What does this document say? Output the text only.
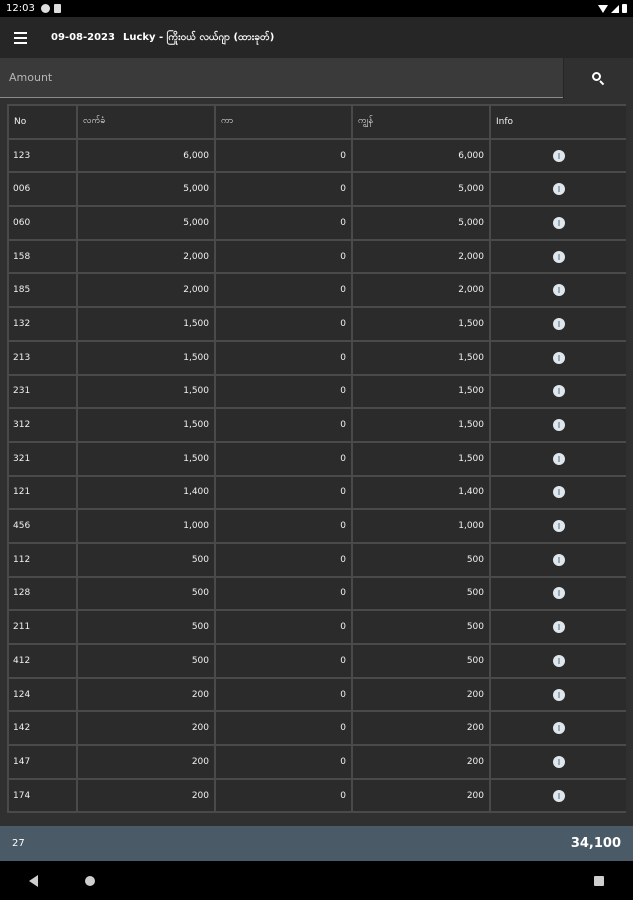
12:03
09-08-2023 Lucky - ကြိုးဝယ် လယ်ဂျာ (ထားခုတ်)
Amount
No	လက်ခံ	ကာ	ကျွန်	Info
123	6,000	0	6,000	
006	5,000	0	5,000	
060	5,000	0	5,000	
158	2,000	0	2,000	
185	2,000	0	2,000	
132	1,500	0	1,500	
213	1,500	0	1,500	
231	1,500	0	1,500	
312	1,500	0	1,500	
321	1,500	0	1,500	
121	1,400	0	1,400	
456	1,000	0	1,000	
112	500	0	500	
128	500	0	500	
211	500	0	500	
412	500	0	500	
124	200	0	200	
142	200	0	200	
147	200	0	200	
174	200	0	200	
27	34,100
